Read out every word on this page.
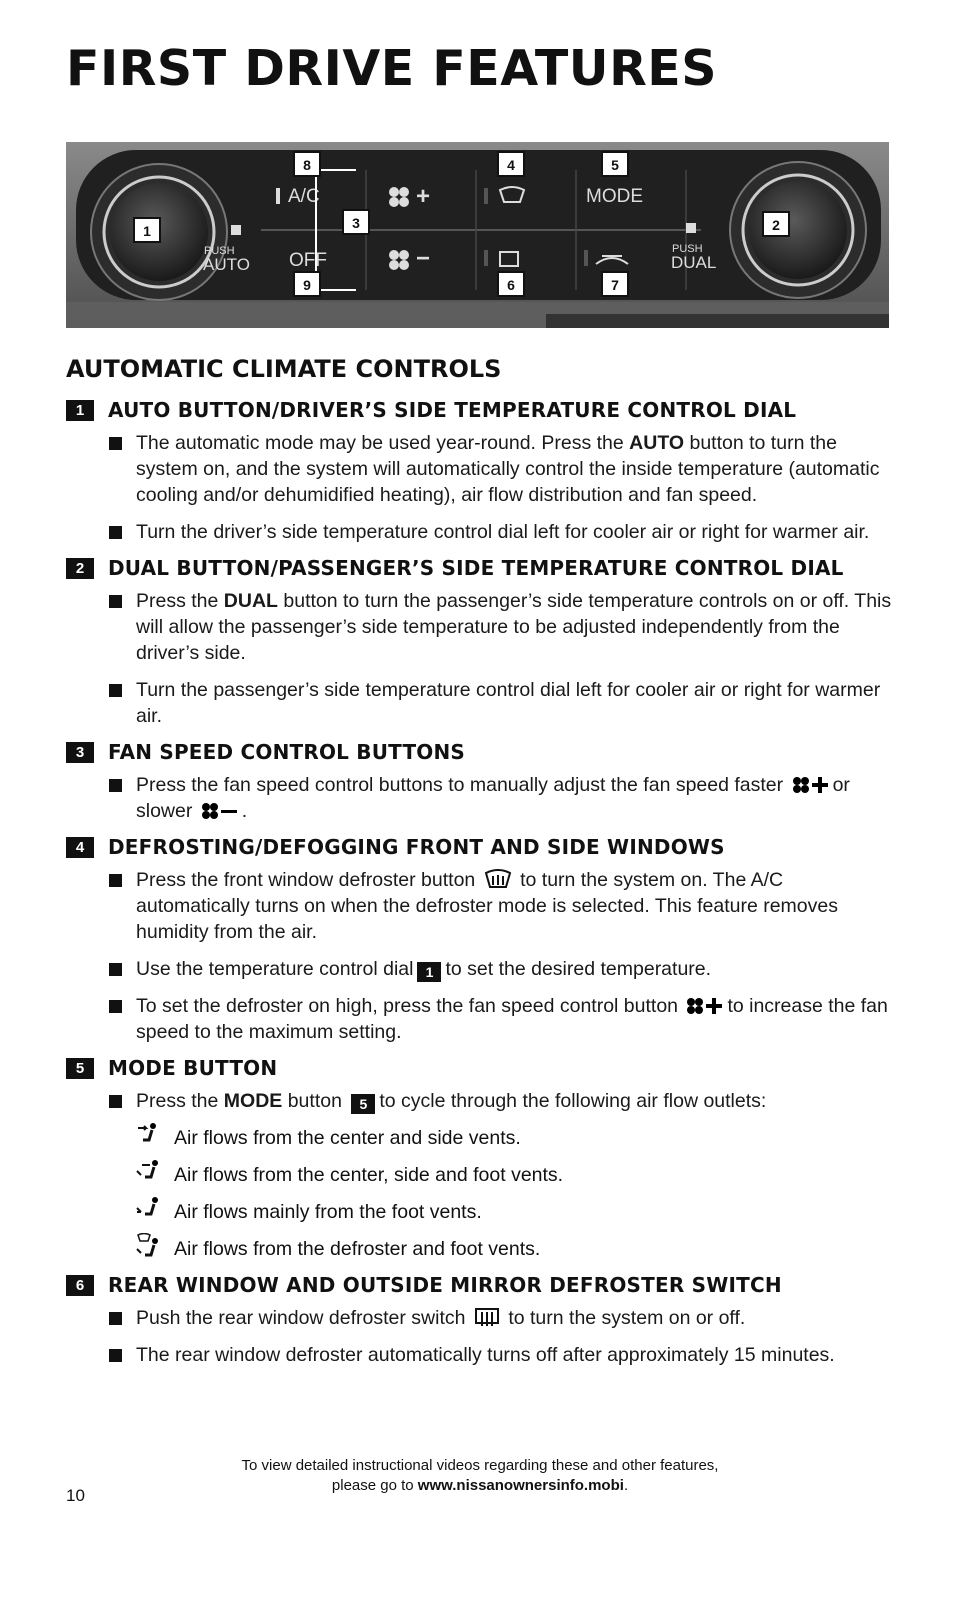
FIRST DRIVE FEATURES
A/C	MODE
OFF
PUSH
AUTO
PUSH
DUAL
+
−
1	2
3
4	5
6	7
8
9
AUTOMATIC CLIMATE CONTROLS
1	AUTO BUTTON/DRIVER’S SIDE TEMPERATURE CONTROL DIAL
The automatic mode may be used year-round. Press the AUTO button to turn the system on, and the system will automatically control the inside temperature (automatic cooling and/or dehumidified heating), air flow distribution and fan speed.
Turn the driver’s side temperature control dial left for cooler air or right for warmer air.
2	DUAL BUTTON/PASSENGER’S SIDE TEMPERATURE CONTROL DIAL
Press the DUAL button to turn the passenger’s side temperature controls on or off. This will allow the passenger’s side temperature to be adjusted independently from the driver’s side.
Turn the passenger’s side temperature control dial left for cooler air or right for warmer air.
3	FAN SPEED CONTROL BUTTONS
Press the fan speed control buttons to manually adjust the fan speed faster	or slower	.
4	DEFROSTING/DEFOGGING FRONT AND SIDE WINDOWS
Press the front window defroster button to turn the system on. The A/C automatically turns on when the defroster mode is selected. This feature removes humidity from the air.
Use the temperature control dial 1 to set the desired temperature.
To set the defroster on high, press the fan speed control button	to increase the fan speed to the maximum setting.
5	MODE BUTTON
Press the MODE button 5 to cycle through the following air flow outlets:
Air flows from the center and side vents.
Air flows from the center, side and foot vents.
Air flows mainly from the foot vents.
Air flows from the defroster and foot vents.
6	REAR WINDOW AND OUTSIDE MIRROR DEFROSTER SWITCH
Push the rear window defroster switch to turn the system on or off.
The rear window defroster automatically turns off after approximately 15 minutes.
10
To view detailed instructional videos regarding these and other features,
please go to www.nissanownersinfo.mobi.
